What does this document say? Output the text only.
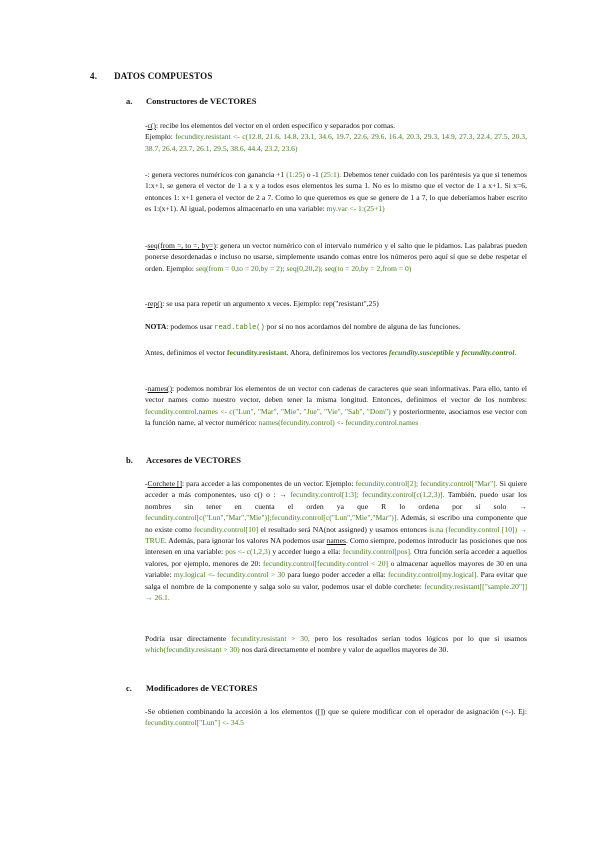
4. DATOS COMPUESTOS
a. Constructores de VECTORES
-c(): recibe los elementos del vector en el orden específico y separados por comas.
Ejemplo: fecundity.resistant <- c(12.8, 21.6, 14.8, 23.1, 34.6, 19.7, 22.6, 29.6, 16.4, 20.3, 29.3, 14.9, 27.3, 22.4, 27.5, 20.3, 38.7, 26.4, 23.7, 26.1, 29.5, 38.6, 44.4, 23.2, 23.6)
-: genera vectores numéricos con ganancia +1 (1:25) o -1 (25:1). Debemos tener cuidado con los paréntesis ya que si tenemos 1:x+1, se genera el vector de 1 a x y a todos esos elementos les suma 1. No es lo mismo que el vector de 1 a x+1. Si x=6, entonces 1: x+1 genera el vector de 2 a 7. Como lo que queremos es que se genere de 1 a 7, lo que deberíamos haber escrito es 1:(x+1). Al igual, podemos almacenarlo en una variable: my.var <- 1:(25+1)
-seq(from =, to =, by=): genera un vector numérico con el intervalo numérico y el salto que le pidamos. Las palabras pueden ponerse desordenadas e incluso no usarse, simplemente usando comas entre los números pero aquí sí que se debe respetar el orden. Ejemplo: seq(from = 0,to = 20,by = 2); seq(0,20,2); seq(to = 20,by = 2,from = 0)
-rep(): se usa para repetir un argumento x veces. Ejemplo: rep("resistant",25)
NOTA: podemos usar read.table() por si no nos acordamos del nombre de alguna de las funciones.
Antes, definimos el vector fecundity.resistant. Ahora, definiremos los vectores fecundity.susceptible y fecundity.control.
-names(): podemos nombrar los elementos de un vector con cadenas de caracteres que sean informativas. Para ello, tanto el vector names como nuestro vector, deben tener la misma longitud. Entonces, definimos el vector de los nombres: fecundity.control.names <- c("Lun", "Mar", "Mie", "Jue", "Vie", "Sab", "Dom") y posteriormente, asociamos ese vector con la función name, al vector numérico: names(fecundity.control) <- fecundity.control.names
b. Accesores de VECTORES
-Corchete []: para acceder a las componentes de un vector. Ejemplo: fecundity.control[2]; fecundity.control["Mar"]. Si quiere acceder a más componentes, uso c() o : → fecundity.control[1:3]; fecundity.control[c(1,2,3)]. También, puedo usar los nombres sin tener en cuenta el orden ya que R lo ordena por sí solo → fecundity.control[c("Lun","Mar","Mie")];fecundity.control[c("Lun","Mie","Mar")]. Además, si escribo una componente que no existe como fecundity.control[10] el resultado será NA(not assigned) y usamos entonces is.na (fecundity.control [10]) → TRUE. Además, para ignorar los valores NA podemos usar names. Como siempre, podemos introducir las posiciones que nos interesen en una variable: pos <- c(1,2,3) y acceder luego a ella: fecundity.control[pos]. Otra función sería acceder a aquellos valores, por ejemplo, menores de 20: fecundity.control[fecundity.control < 20] o almacenar aquellos mayores de 30 en una variable: my.logical <- fecundity.control > 30 para luego poder acceder a ella: fecundity.control[my.logical]. Para evitar que salga el nombre de la componente y salga solo su valor, podemos usar el doble corchete: fecundity.resistant[["sample.20"]] → 26.1.
Podría usar directamente fecundity.resistant > 30, pero los resultados serían todos lógicos por lo que si usamos which(fecundity.resistant > 30) nos dará directamente el nombre y valor de aquellos mayores de 30.
c. Modificadores de VECTORES
-Se obtienen combinando la accesión a los elementos ([]) que se quiere modificar con el operador de asignación (<-). Ej: fecundity.control["Lun"] <- 34.5
